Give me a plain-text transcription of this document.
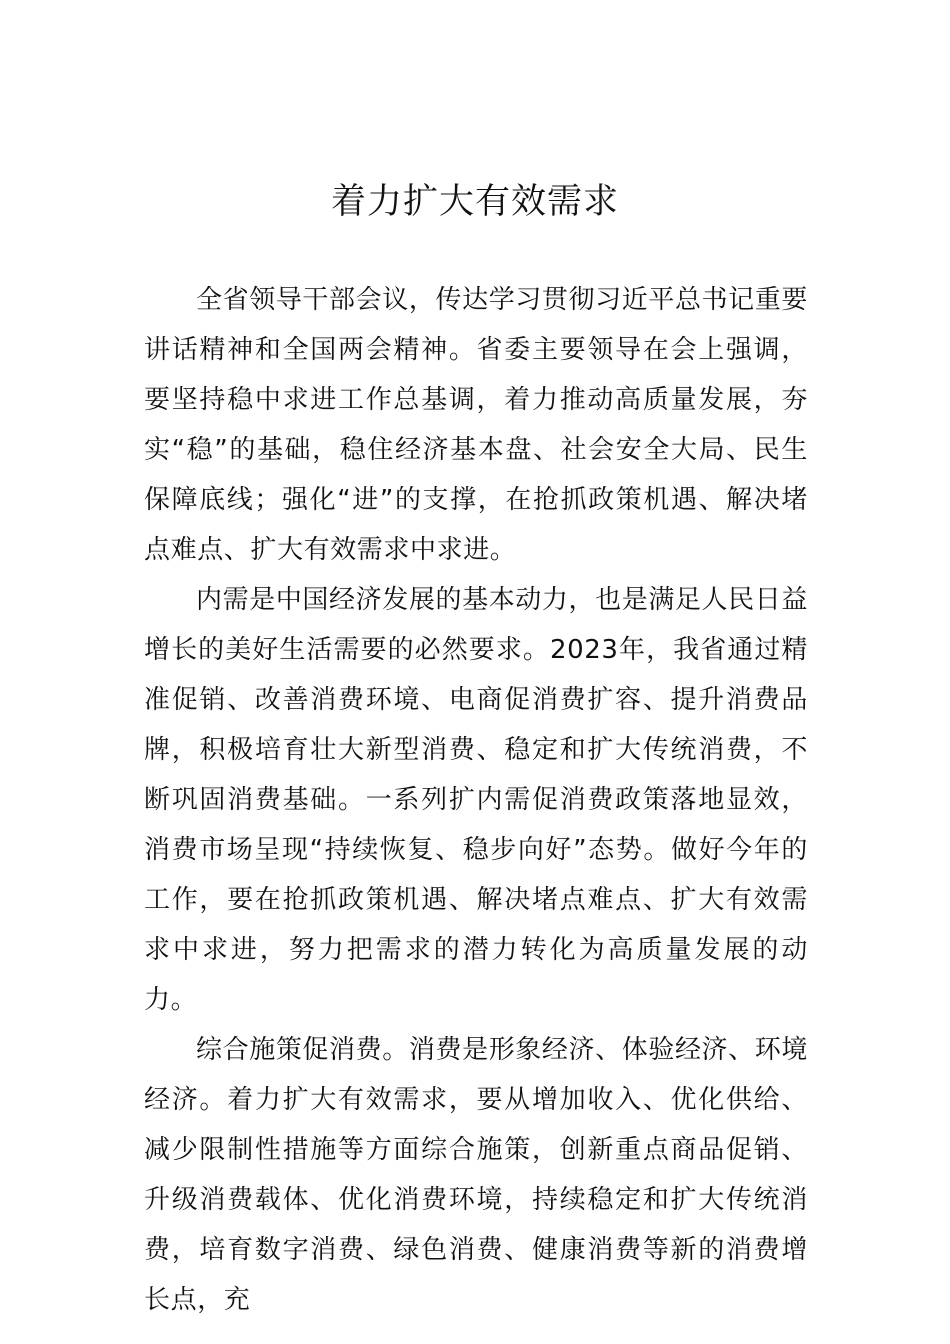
着力扩大有效需求

全省领导干部会议，传达学习贯彻习近平总书记重要讲话精神和全国两会精神。省委主要领导在会上强调，要坚持稳中求进工作总基调，着力推动高质量发展，夯实“稳”的基础，稳住经济基本盘、社会安全大局、民生保障底线；强化“进”的支撑，在抢抓政策机遇、解决堵点难点、扩大有效需求中求进。

内需是中国经济发展的基本动力，也是满足人民日益增长的美好生活需要的必然要求。2023年，我省通过精准促销、改善消费环境、电商促消费扩容、提升消费品牌，积极培育壮大新型消费、稳定和扩大传统消费，不断巩固消费基础。一系列扩内需促消费政策落地显效，消费市场呈现“持续恢复、稳步向好”态势。做好今年的工作，要在抢抓政策机遇、解决堵点难点、扩大有效需求中求进，努力把需求的潜力转化为高质量发展的动力。

综合施策促消费。消费是形象经济、体验经济、环境经济。着力扩大有效需求，要从增加收入、优化供给、减少限制性措施等方面综合施策，创新重点商品促销、升级消费载体、优化消费环境，持续稳定和扩大传统消费，培育数字消费、绿色消费、健康消费等新的消费增长点，充
